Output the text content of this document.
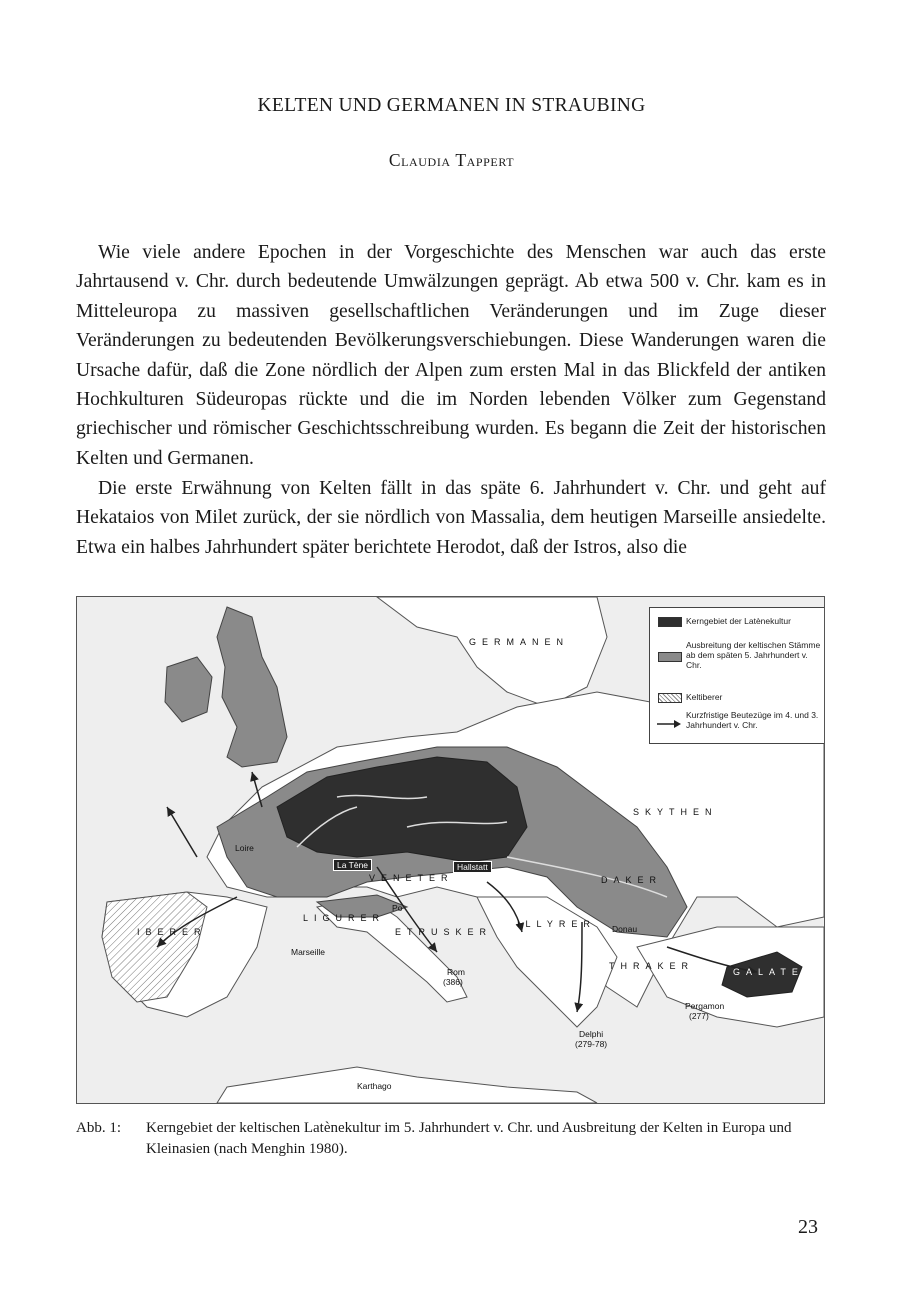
KELTEN UND GERMANEN IN STRAUBING
Claudia Tappert
Wie viele andere Epochen in der Vorgeschichte des Menschen war auch das erste Jahrtausend v. Chr. durch bedeutende Umwälzungen geprägt. Ab etwa 500 v. Chr. kam es in Mitteleuropa zu massiven gesellschaftlichen Veränderungen und im Zuge dieser Veränderungen zu bedeutenden Bevölkerungsverschiebungen. Diese Wanderungen waren die Ursache dafür, daß die Zone nördlich der Alpen zum ersten Mal in das Blickfeld der antiken Hochkulturen Südeuropas rückte und die im Norden lebenden Völker zum Gegenstand griechischer und römischer Geschichtsschreibung wurden. Es begann die Zeit der historischen Kelten und Germanen.
Die erste Erwähnung von Kelten fällt in das späte 6. Jahrhundert v. Chr. und geht auf Hekataios von Milet zurück, der sie nördlich von Massalia, dem heutigen Marseille ansiedelte. Etwa ein halbes Jahrhundert später berichtete Herodot, daß der Istros, also die
La Tène	Hallstatt
Marseille
Rom
(386)
Delphi
(279-78)
Pergamon
(277)
Karthago
Loire
Po
Donau
VENETER
LIGURER
ETRUSKER
ILLYRER
THRAKER
GALATER
DAKER
SKYTHEN
IBERER
GERMANEN
Kerngebiet der Latènekultur
Ausbreitung der keltischen Stämme ab dem späten 5. Jahrhundert v. Chr.
Keltiberer
Kurzfristige Beutezüge im 4. und 3. Jahrhundert v. Chr.
Abb. 1:	Kerngebiet der keltischen Latènekultur im 5. Jahrhundert v. Chr. und Ausbreitung der Kelten in Europa und Kleinasien (nach Menghin 1980).
23
